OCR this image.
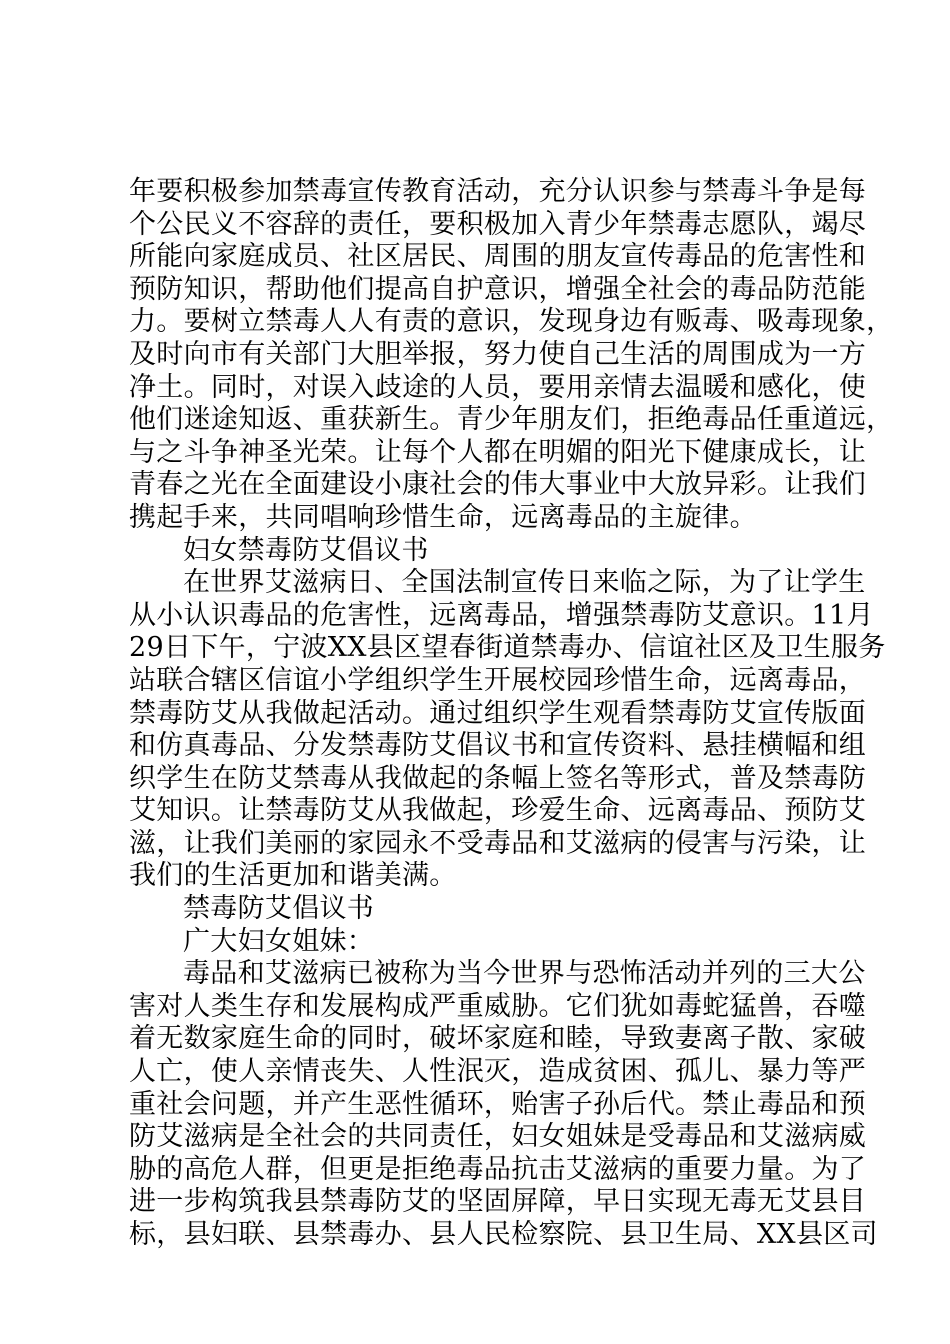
年要积极参加禁毒宣传教育活动，充分认识参与禁毒斗争是每
个公民义不容辞的责任，要积极加入青少年禁毒志愿队，竭尽
所能向家庭成员、社区居民、周围的朋友宣传毒品的危害性和
预防知识，帮助他们提高自护意识，增强全社会的毒品防范能
力。要树立禁毒人人有责的意识，发现身边有贩毒、吸毒现象，
及时向市有关部门大胆举报，努力使自己生活的周围成为一方
净土。同时，对误入歧途的人员，要用亲情去温暖和感化，使
他们迷途知返、重获新生。青少年朋友们，拒绝毒品任重道远，
与之斗争神圣光荣。让每个人都在明媚的阳光下健康成长，让
青春之光在全面建设小康社会的伟大事业中大放异彩。让我们
携起手来，共同唱响珍惜生命，远离毒品的主旋律。
妇女禁毒防艾倡议书
在世界艾滋病日、全国法制宣传日来临之际，为了让学生
从小认识毒品的危害性，远离毒品，增强禁毒防艾意识。11月
29日下午，宁波XX县区望春街道禁毒办、信谊社区及卫生服务
站联合辖区信谊小学组织学生开展校园珍惜生命，远离毒品，
禁毒防艾从我做起活动。通过组织学生观看禁毒防艾宣传版面
和仿真毒品、分发禁毒防艾倡议书和宣传资料、悬挂横幅和组
织学生在防艾禁毒从我做起的条幅上签名等形式，普及禁毒防
艾知识。让禁毒防艾从我做起，珍爱生命、远离毒品、预防艾
滋，让我们美丽的家园永不受毒品和艾滋病的侵害与污染，让
我们的生活更加和谐美满。
禁毒防艾倡议书
广大妇女姐妹：
毒品和艾滋病已被称为当今世界与恐怖活动并列的三大公
害对人类生存和发展构成严重威胁。它们犹如毒蛇猛兽，吞噬
着无数家庭生命的同时，破坏家庭和睦，导致妻离子散、家破
人亡，使人亲情丧失、人性泯灭，造成贫困、孤儿、暴力等严
重社会问题，并产生恶性循环，贻害子孙后代。禁止毒品和预
防艾滋病是全社会的共同责任，妇女姐妹是受毒品和艾滋病威
胁的高危人群，但更是拒绝毒品抗击艾滋病的重要力量。为了
进一步构筑我县禁毒防艾的坚固屏障，早日实现无毒无艾县目
标，县妇联、县禁毒办、县人民检察院、县卫生局、XX县区司
